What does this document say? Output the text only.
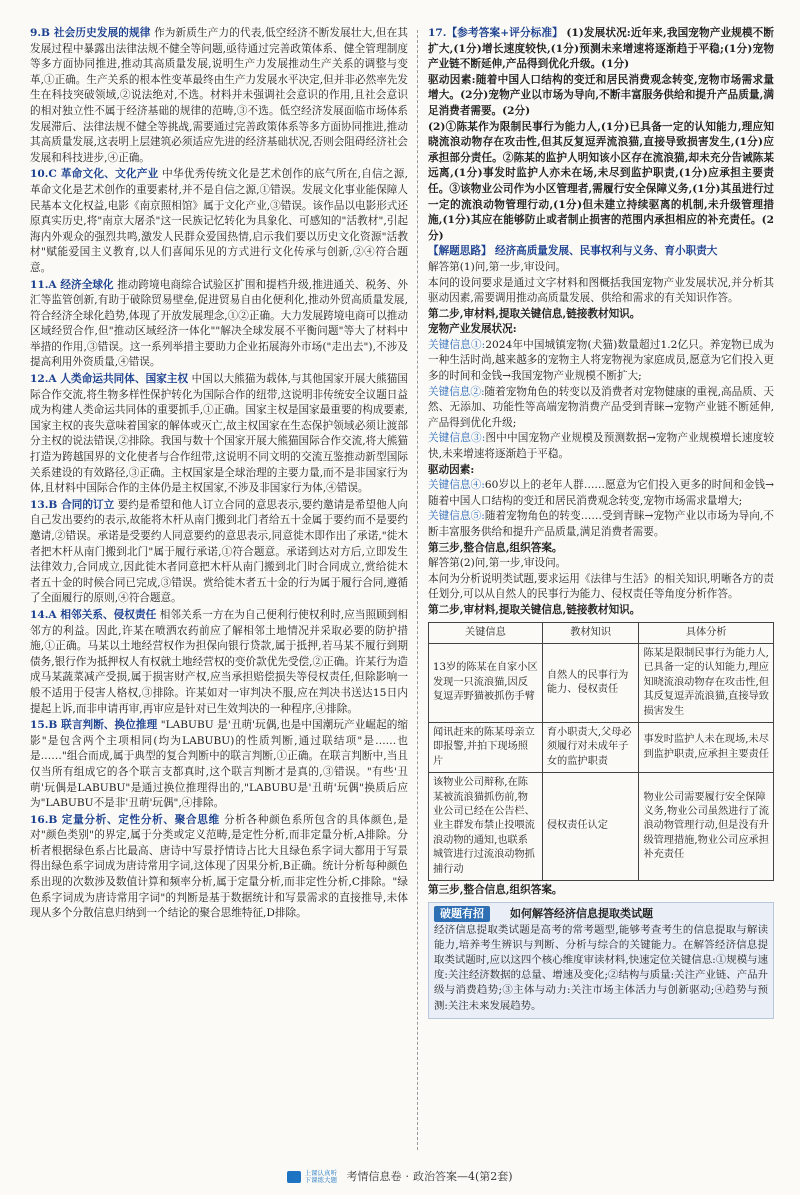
9.B 社会历史发展的规律 作为新质生产力的代表,低空经济不断发展壮大,但在其发展过程中暴露出法律法规不健全等问题,亟待通过完善政策体系、健全管理制度等多方面协同推进,推动其高质量发展,说明生产力发展推动生产关系的调整与变革,①正确。生产关系的根本性变革最终由生产力发展水平决定,但并非必然率先发生在科技突破领域,②说法绝对,不选。材料并未强调社会意识的作用,且社会意识的相对独立性不属于经济基础的规律的范畴,③不选。低空经济发展面临市场体系发展滞后、法律法规不健全等挑战,需要通过完善政策体系等多方面协同推进,推动其高质量发展,这表明上层建筑必须适应先进的经济基础状况,否则会阻碍经济社会发展和科技进步,④正确。

10.C 革命文化、文化产业 中华优秀传统文化是艺术创作的底气所在,自信之源,革命文化是艺术创作的重要素材,并不是自信之源,①错误。发展文化事业能保障人民基本文化权益,电影《南京照相馆》属于文化产业,③错误。该作品以电影形式还原真实历史,将"南京大屠杀"这一民族记忆转化为具象化、可感知的"活教材",引起海内外观众的强烈共鸣,激发人民群众爱国热情,启示我们要以历史文化资源"活教材"赋能爱国主义教育,以人们喜闻乐见的方式进行文化传承与创新,②④符合题意。

11.A 经济全球化 推动跨境电商综合试验区扩围和提档升级,推进通关、税务、外汇等监管创新,有助于破除贸易壁垒,促进贸易自由化便利化,推动外贸高质量发展,符合经济全球化趋势,体现了开放发展理念,①②正确。大力发展跨境电商可以推动区域经贸合作,但"推动区域经济一体化""解决全球发展不平衡问题"等大了材料中举措的作用,③错误。这一系列举措主要助力企业拓展海外市场("走出去"),不涉及提高利用外资质量,④错误。

12.A 人类命运共同体、国家主权 中国以大熊猫为载体,与其他国家开展大熊猫国际合作交流,将生物多样性保护转化为国际合作的纽带,这说明非传统安全议题日益成为构建人类命运共同体的重要抓手,①正确。国家主权是国家最重要的构成要素,国家主权的丧失意味着国家的解体或灭亡,故主权国家在生态保护领域必须让渡部分主权的说法错误,②排除。我国与数十个国家开展大熊猫国际合作交流,将大熊猫打造为跨越国界的文化使者与合作纽带,这说明不同文明的交流互鉴推动新型国际关系建设的有效路径,③正确。主权国家是全球治理的主要力量,而不是非国家行为体,且材料中国际合作的主体仍是主权国家,不涉及非国家行为体,④错误。

13.B 合同的订立 要约是希望和他人订立合同的意思表示,要约邀请是希望他人向自己发出要约的表示,故能将木杆从南门搬到北门者给五十金属于要约而不是要约邀请,②错误。承诺是受要约人同意要约的意思表示,同意徙木即作出了承诺,"徙木者把木杆从南门搬到北门"属于履行承诺,①符合题意。承诺到达对方后,立即发生法律效力,合同成立,因此徙木者同意把木杆从南门搬到北门时合同成立,赏给徙木者五十金的时候合同已完成,③错误。赏给徙木者五十金的行为属于履行合同,遵循了全面履行的原则,④符合题意。

14.A 相邻关系、侵权责任 相邻关系一方在为自己便利行使权利时,应当照顾到相邻方的利益。因此,许某在喷洒农药前应了解相邻土地情况并采取必要的防护措施,①正确。马某以土地经营权作为担保向银行贷款,属于抵押,若马某不履行到期债务,银行作为抵押权人有权就土地经营权的变价款优先受偿,②正确。许某行为造成马某蔬菜减产受损,属于损害财产权,应当承担赔偿损失等侵权责任,但除影响一般不适用于侵害人格权,③排除。许某如对一审判决不服,应在判决书送达15日内提起上诉,而非申请再审,再审应是针对已生效判决的一种程序,④排除。

15.B 联言判断、换位推理 "LABUBU 是'丑萌'玩偶,也是中国潮玩产业崛起的缩影"是包含两个主项相同(均为LABUBU)的性质判断,通过联结项"是……也是……"组合而成,属于典型的复合判断中的联言判断,①正确。在联言判断中,当且仅当所有组成它的各个联言支都真时,这个联言判断才是真的,③错误。"有些'丑萌'玩偶是LABUBU"是通过换位推理得出的,"LABUBU是'丑萌'玩偶"换质后应为"LABUBU不是非'丑萌'玩偶",④排除。

16.B 定量分析、定性分析、聚合思维 分析各种颜色系所包含的具体颜色,是对"颜色类别"的界定,属于分类或定义范畴,是定性分析,而非定量分析,A排除。分析者根据绿色系占比最高、唐诗中写景抒情诗占比大且绿色系字词大都用于写景得出绿色系字词成为唐诗常用字词,这体现了因果分析,B正确。统计分析每种颜色系出现的次数涉及数值计算和频率分析,属于定量分析,而非定性分析,C排除。"绿色系字词成为唐诗常用字词"的判断是基于数据统计和写景需求的直接推导,未体现从多个分散信息归纳到一个结论的聚合思维特征,D排除。

17.【参考答案+评分标准】 (1)发展状况:近年来,我国宠物产业规模不断扩大,(1分)增长速度较快,(1分)预测未来增速将逐渐趋于平稳;(1分)宠物产业链不断延伸,产品得到优化升级。(1分)

驱动因素:随着中国人口结构的变迁和居民消费观念转变,宠物市场需求量增大。(2分)宠物产业以市场为导向,不断丰富服务供给和提升产品质量,满足消费者需要。(2分)

(2)①陈某作为限制民事行为能力人,(1分)已具备一定的认知能力,理应知晓流浪动物存在攻击性,但其反复逗弄流浪猫,直接导致损害发生,(1分)应承担部分责任。②陈某的监护人明知该小区存在流浪猫,却未充分告诫陈某远离,(1分)事发时监护人亦未在场,未尽到监护职责,(1分)应承担主要责任。③该物业公司作为小区管理者,需履行安全保障义务,(1分)其虽进行过一定的流浪动物管理行动,(1分)但未建立持续驱离的机制,未升级管理措施,(1分)其应在能够防止或者制止损害的范围内承担相应的补充责任。(2分)

【解题思路】 经济高质量发展、民事权利与义务、育小职责大

解答第(1)问,第一步,审设问。

本问的设问要求是通过文字材料和图概括我国宠物产业发展状况,并分析其驱动因素,需要调用推动高质量发展、供给和需求的有关知识作答。

第二步,审材料,提取关键信息,链接教材知识。

宠物产业发展状况:

关键信息①:2024年中国城镇宠物(犬猫)数量超过1.2亿只。养宠物已成为一种生活时尚,越来越多的宠物主人将宠物视为家庭成员,愿意为它们投入更多的时间和金钱→我国宠物产业规模不断扩大;

关键信息②:随着宠物角色的转变以及消费者对宠物健康的重视,高品质、天然、无添加、功能性等高端宠物消费产品受到青睐→宠物产业链不断延伸,产品得到优化升级;

关键信息③:图中中国宠物产业规模及预测数据→宠物产业规模增长速度较快,未来增速将逐渐趋于平稳。

驱动因素:

关键信息④:60岁以上的老年人群……愿意为它们投入更多的时间和金钱→随着中国人口结构的变迁和居民消费观念转变,宠物市场需求量增大;

关键信息⑤:随着宠物角色的转变……受到青睐→宠物产业以市场为导向,不断丰富服务供给和提升产品质量,满足消费者需要。

第三步,整合信息,组织答案。

解答第(2)问,第一步,审设问。

本问为分析说明类试题,要求运用《法律与生活》的相关知识,明晰各方的责任划分,可以从自然人的民事行为能力、侵权责任等角度分析作答。

第二步,审材料,提取关键信息,链接教材知识。

关键信息	教材知识	具体分析
13岁的陈某在自家小区发现一只流浪猫,因反复逗弄野猫被抓伤手臂	自然人的民事行为能力、侵权责任	陈某是限制民事行为能力人,已具备一定的认知能力,理应知晓流浪动物存在攻击性,但其反复逗弄流浪猫,直接导致损害发生
闻讯赶来的陈某母亲立即报警,并拍下现场照片	育小职责大,父母必须履行对未成年子女的监护职责	事发时监护人未在现场,未尽到监护职责,应承担主要责任
该物业公司辩称,在陈某被流浪猫抓伤前,物业公司已经在公告栏、业主群发布禁止投喂流浪动物的通知,也联系城管进行过流浪动物抓捕行动	侵权责任认定	物业公司需要履行安全保障义务,物业公司虽然进行了流浪动物管理行动,但是没有升级管理措施,物业公司应承担补充责任

第三步,整合信息,组织答案。

破题有招	如何解答经济信息提取类试题
经济信息提取类试题是高考的常考题型,能够考查考生的信息提取与解读能力,培养考生辨识与判断、分析与综合的关键能力。在解答经济信息提取类试题时,应以这四个核心维度审读材料,快速定位关键信息:①规模与速度:关注经济数据的总量、增速及变化;②结构与质量:关注产业链、产品升级与消费趋势;③主体与动力:关注市场主体活力与创新驱动;④趋势与预测:关注未来发展趋势。
上课认真听
下课练大题 考情信息卷 · 政治答案—4(第2套)
